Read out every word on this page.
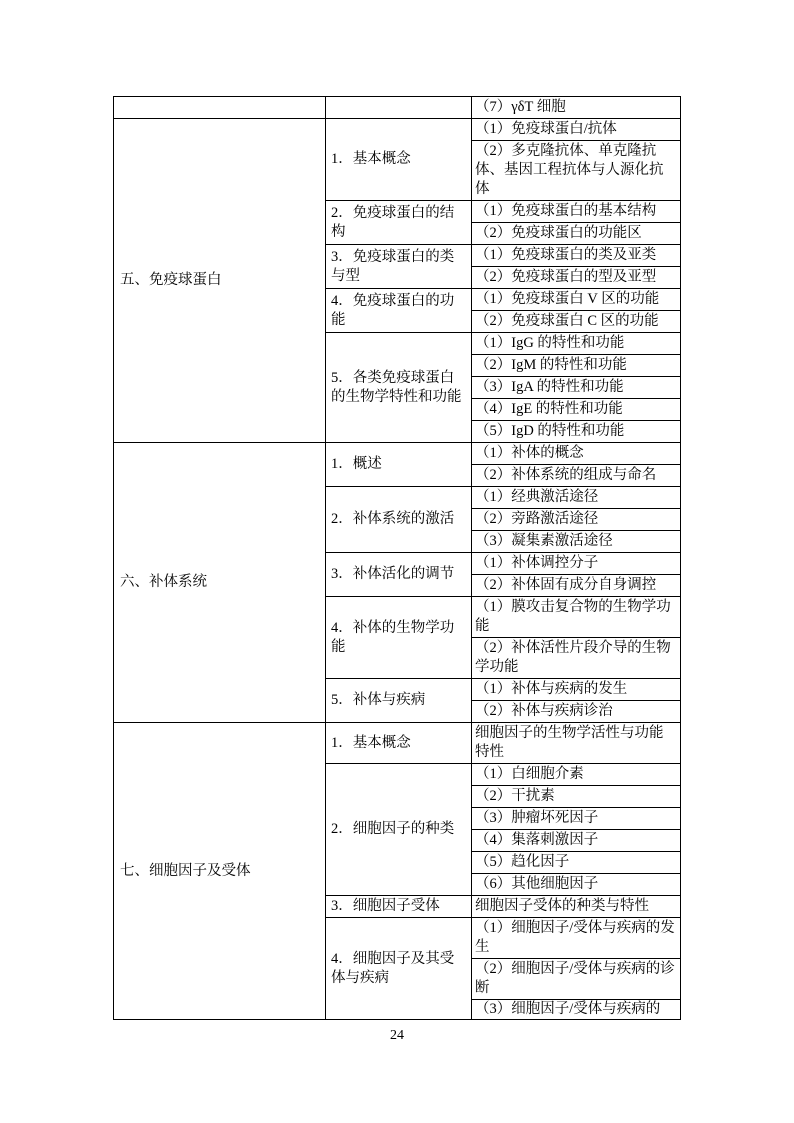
		（7）γδT 细胞
五、免疫球蛋白	1．基本概念	（1）免疫球蛋白/抗体
		（2）多克隆抗体、单克隆抗体、基因工程抗体与人源化抗体
	2．免疫球蛋白的结构	（1）免疫球蛋白的基本结构
		（2）免疫球蛋白的功能区
	3．免疫球蛋白的类与型	（1）免疫球蛋白的类及亚类
		（2）免疫球蛋白的型及亚型
	4．免疫球蛋白的功能	（1）免疫球蛋白 V 区的功能
		（2）免疫球蛋白 C 区的功能
	5．各类免疫球蛋白的生物学特性和功能	（1）IgG 的特性和功能
		（2）IgM 的特性和功能
		（3）IgA 的特性和功能
		（4）IgE 的特性和功能
		（5）IgD 的特性和功能
六、补体系统	1．概述	（1）补体的概念
		（2）补体系统的组成与命名
	2．补体系统的激活	（1）经典激活途径
		（2）旁路激活途径
		（3）凝集素激活途径
	3．补体活化的调节	（1）补体调控分子
		（2）补体固有成分自身调控
	4．补体的生物学功能	（1）膜攻击复合物的生物学功能
		（2）补体活性片段介导的生物学功能
	5．补体与疾病	（1）补体与疾病的发生
		（2）补体与疾病诊治
七、细胞因子及受体	1．基本概念	细胞因子的生物学活性与功能特性
	2．细胞因子的种类	（1）白细胞介素
		（2）干扰素
		（3）肿瘤坏死因子
		（4）集落刺激因子
		（5）趋化因子
		（6）其他细胞因子
	3．细胞因子受体	细胞因子受体的种类与特性
	4．细胞因子及其受体与疾病	（1）细胞因子/受体与疾病的发生
		（2）细胞因子/受体与疾病的诊断
		（3）细胞因子/受体与疾病的
24
